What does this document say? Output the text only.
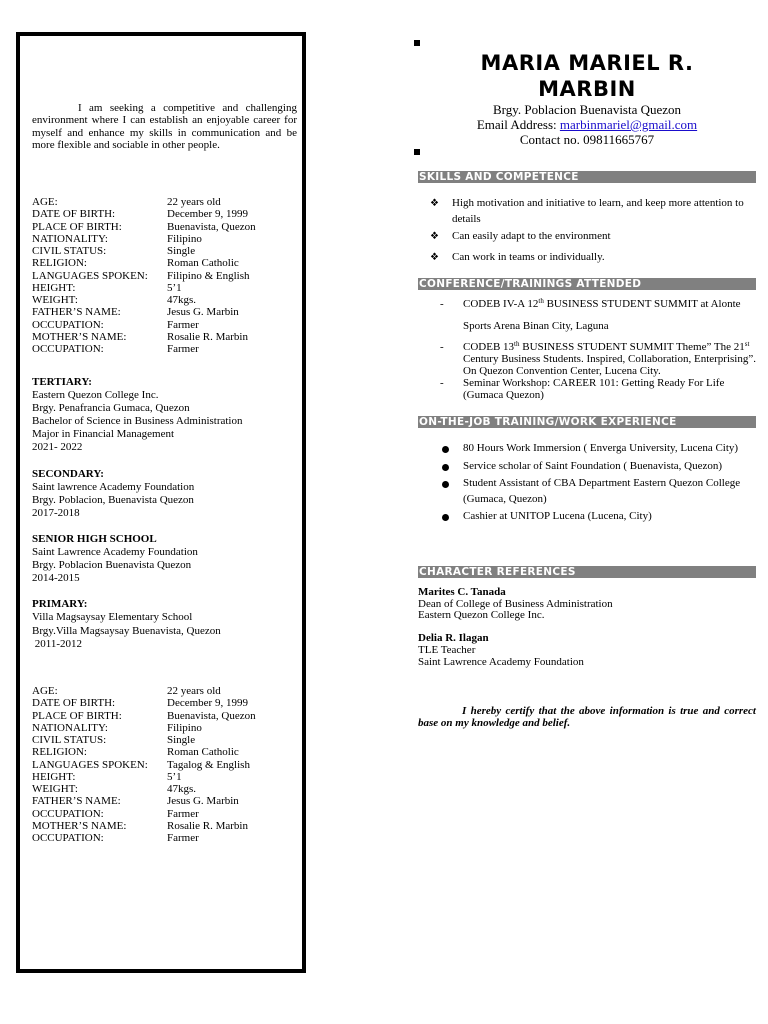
I am seeking a competitive and challenging environment where I can establish an enjoyable career for myself and enhance my skills in communication and be more flexible and sociable in other people.
AGE:	22 years old
DATE OF BIRTH:	December 9, 1999
PLACE OF BIRTH:	Buenavista, Quezon
NATIONALITY:	Filipino
CIVIL STATUS:	Single
RELIGION:	Roman Catholic
LANGUAGES SPOKEN:	Filipino & English
HEIGHT:	5’1
WEIGHT:	47kgs.
FATHER’S NAME:	Jesus G. Marbin
OCCUPATION:	Farmer
MOTHER’S NAME:	Rosalie R. Marbin
OCCUPATION:	Farmer
TERTIARY:
Eastern Quezon College Inc.
Brgy. Penafrancia Gumaca, Quezon
Bachelor of Science in Business Administration
Major in Financial Management
2021- 2022
SECONDARY:
Saint lawrence Academy Foundation
Brgy. Poblacion, Buenavista Quezon
2017-2018
SENIOR HIGH SCHOOL
Saint Lawrence Academy Foundation
Brgy. Poblacion Buenavista Quezon
2014-2015
PRIMARY:
Villa Magsaysay Elementary School
Brgy.Villa Magsaysay Buenavista, Quezon
2011-2012
AGE:	22 years old
DATE OF BIRTH:	December 9, 1999
PLACE OF BIRTH:	Buenavista, Quezon
NATIONALITY:	Filipino
CIVIL STATUS:	Single
RELIGION:	Roman Catholic
LANGUAGES SPOKEN:	Tagalog & English
HEIGHT:	5’1
WEIGHT:	47kgs.
FATHER’S NAME:	Jesus G. Marbin
OCCUPATION:	Farmer
MOTHER’S NAME:	Rosalie R. Marbin
OCCUPATION:	Farmer
MARIA MARIEL R.
MARBIN
Brgy. Poblacion Buenavista Quezon
Email Address: marbinmariel@gmail.com
Contact no. 09811665767
SKILLS AND COMPETENCE
❖ High motivation and initiative to learn, and keep more attention to details
❖ Can easily adapt to the environment
❖ Can work in teams or individually.
CONFERENCE/TRAININGS ATTENDED
- CODEB IV-A 12th BUSINESS STUDENT SUMMIT at Alonte Sports Arena Binan City, Laguna
- CODEB 13th BUSINESS STUDENT SUMMIT Theme” The 21st Century Business Students. Inspired, Collaboration, Enterprising”. On Quezon Convention Center, Lucena City.
- Seminar Workshop: CAREER 101: Getting Ready For Life (Gumaca Quezon)
ON-THE-JOB TRAINING/WORK EXPERIENCE
80 Hours Work Immersion ( Enverga University, Lucena City)
Service scholar of Saint Foundation ( Buenavista, Quezon)
Student Assistant of CBA Department Eastern Quezon College (Gumaca, Quezon)
Cashier at UNITOP Lucena (Lucena, City)
CHARACTER REFERENCES
Marites C. Tanada
Dean of College of Business Administration
Eastern Quezon College Inc.
Delia R. Ilagan
TLE Teacher
Saint Lawrence Academy Foundation
I hereby certify that the above information is true and correct base on my knowledge and belief.
